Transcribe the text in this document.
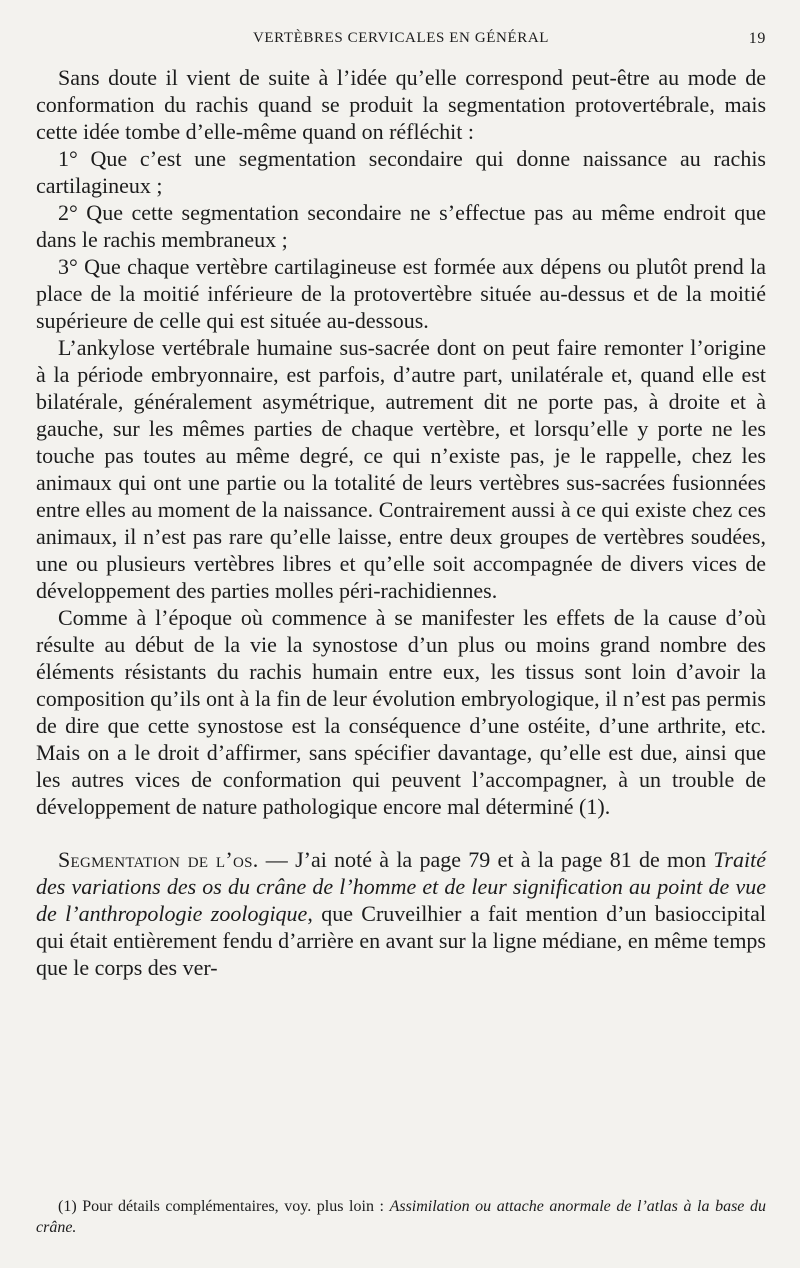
VERTÈBRES CERVICALES EN GÉNÉRAL	19

Sans doute il vient de suite à l’idée qu’elle correspond peut-être au mode de conformation du rachis quand se produit la segmentation protovertébrale, mais cette idée tombe d’elle-même quand on réfléchit :

1° Que c’est une segmentation secondaire qui donne naissance au rachis cartilagineux ;

2° Que cette segmentation secondaire ne s’effectue pas au même endroit que dans le rachis membraneux ;

3° Que chaque vertèbre cartilagineuse est formée aux dépens ou plutôt prend la place de la moitié inférieure de la protovertèbre située au-dessus et de la moitié supérieure de celle qui est située au-dessous.

L’ankylose vertébrale humaine sus-sacrée dont on peut faire remonter l’origine à la période embryonnaire, est parfois, d’autre part, unilatérale et, quand elle est bilatérale, généralement asymétrique, autrement dit ne porte pas, à droite et à gauche, sur les mêmes parties de chaque vertèbre, et lorsqu’elle y porte ne les touche pas toutes au même degré, ce qui n’existe pas, je le rappelle, chez les animaux qui ont une partie ou la totalité de leurs vertèbres sus-sacrées fusionnées entre elles au moment de la naissance. Contrairement aussi à ce qui existe chez ces animaux, il n’est pas rare qu’elle laisse, entre deux groupes de vertèbres soudées, une ou plusieurs vertèbres libres et qu’elle soit accompagnée de divers vices de développement des parties molles péri-rachidiennes.

Comme à l’époque où commence à se manifester les effets de la cause d’où résulte au début de la vie la synostose d’un plus ou moins grand nombre des éléments résistants du rachis humain entre eux, les tissus sont loin d’avoir la composition qu’ils ont à la fin de leur évolution embryologique, il n’est pas permis de dire que cette synostose est la conséquence d’une ostéite, d’une arthrite, etc. Mais on a le droit d’affirmer, sans spécifier davantage, qu’elle est due, ainsi que les autres vices de conformation qui peuvent l’accompagner, à un trouble de développement de nature pathologique encore mal déterminé (1).

Segmentation de l’os. — J’ai noté à la page 79 et à la page 81 de mon Traité des variations des os du crâne de l’homme et de leur signification au point de vue de l’anthropologie zoologique, que Cruveilhier a fait mention d’un basioccipital qui était entièrement fendu d’arrière en avant sur la ligne médiane, en même temps que le corps des ver-

(1) Pour détails complémentaires, voy. plus loin : Assimilation ou attache anormale de l’atlas à la base du crâne.
